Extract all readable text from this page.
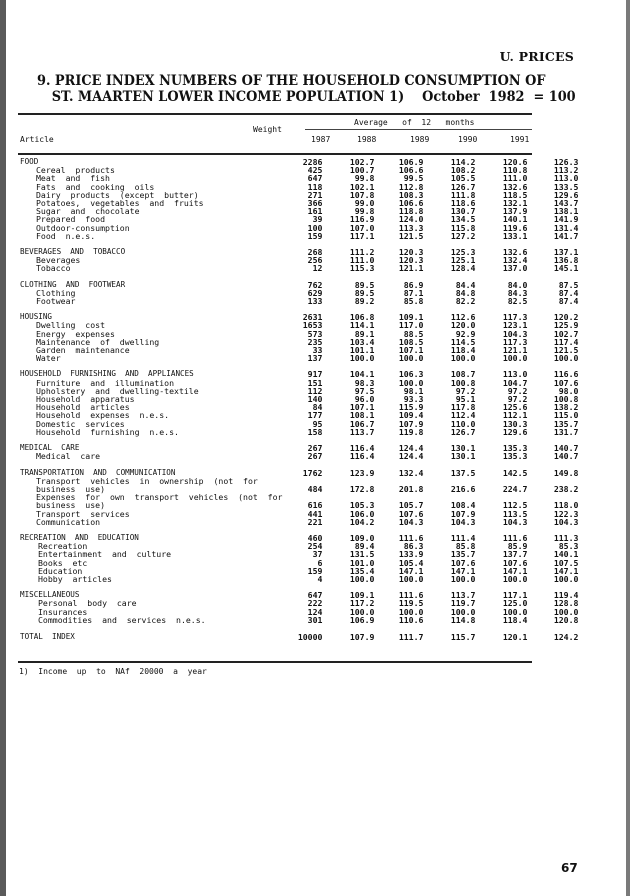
U. PRICES
9. PRICE INDEX NUMBERS OF THE HOUSEHOLD CONSUMPTION OF
ST. MAARTEN LOWER INCOME POPULATION 1)    October  1982  = 100
Article
Weight
Average   of  12   months
1987	1988	1989	1990	1991
FOOD	2286	102.7	106.9	114.2	120.6	126.3
Cereal  products	425	100.7	106.6	108.2	110.8	113.2
Meat  and  fish	647	99.8	99.5	105.5	111.0	113.0
Fats  and  cooking  oils	118	102.1	112.8	126.7	132.6	133.5
Dairy  products  (except  butter)	271	107.8	108.3	111.8	118.5	129.6
Potatoes,  vegetables  and  fruits	366	99.0	106.6	118.6	132.1	143.7
Sugar  and  chocolate	161	99.8	118.8	130.7	137.9	138.1
Prepared  food	39	116.9	124.0	134.5	140.1	141.9
Outdoor-consumption	100	107.0	113.3	115.8	119.6	131.4
Food  n.e.s.	159	117.1	121.5	127.2	133.1	141.7

BEVERAGES  AND  TOBACCO	268	111.2	120.3	125.3	132.6	137.1
Beverages	256	111.0	120.3	125.1	132.4	136.8
Tobacco	12	115.3	121.1	128.4	137.0	145.1

CLOTHING  AND  FOOTWEAR	762	89.5	86.9	84.4	84.0	87.5
Clothing	629	89.5	87.1	84.8	84.3	87.4
Footwear	133	89.2	85.8	82.2	82.5	87.4

HOUSING	2631	106.8	109.1	112.6	117.3	120.2
Dwelling  cost	1653	114.1	117.0	120.0	123.1	125.9
Energy  expenses	573	89.1	88.5	92.9	104.3	102.7
Maintenance  of  dwelling	235	103.4	108.5	114.5	117.3	117.4
Garden  maintenance	33	101.1	107.1	118.4	121.1	121.5
Water	137	100.0	100.0	100.0	100.0	100.0

HOUSEHOLD  FURNISHING  AND  APPLIANCES	917	104.1	106.3	108.7	113.0	116.6
Furniture  and  illumination	151	98.3	100.0	100.8	104.7	107.6
Upholstery  and  dwelling-textile	112	97.5	98.1	97.2	97.2	98.0
Household  apparatus	140	96.0	93.3	95.1	97.2	100.8
Household  articles	84	107.1	115.9	117.8	125.6	138.2
Household  expenses  n.e.s.	177	108.1	109.4	112.4	112.1	115.0
Domestic  services	95	106.7	107.9	110.0	130.3	135.7
Household  furnishing  n.e.s.	158	113.7	119.8	126.7	129.6	131.7

MEDICAL  CARE	267	116.4	124.4	130.1	135.3	140.7
Medical  care	267	116.4	124.4	130.1	135.3	140.7

TRANSPORTATION  AND  COMMUNICATION	1762	123.9	132.4	137.5	142.5	149.8
Transport  vehicles  in  ownership  (not  for						
business  use)	484	172.8	201.8	216.6	224.7	238.2
Expenses  for  own  transport  vehicles  (not  for						
business  use)	616	105.3	105.7	108.4	112.5	118.0
Transport  services	441	106.0	107.6	107.9	113.5	122.3
Communication	221	104.2	104.3	104.3	104.3	104.3

RECREATION  AND  EDUCATION	460	109.0	111.6	111.4	111.6	111.3
Recreation	254	89.4	86.3	85.8	85.9	85.3
Entertainment  and  culture	37	131.5	133.9	135.7	137.7	140.1
Books  etc	6	101.0	105.4	107.6	107.6	107.5
Education	159	135.4	147.1	147.1	147.1	147.1
Hobby  articles	4	100.0	100.0	100.0	100.0	100.0

MISCELLANEOUS	647	109.1	111.6	113.7	117.1	119.4
Personal  body  care	222	117.2	119.5	119.7	125.0	128.8
Insurances	124	100.0	100.0	100.0	100.0	100.0
Commodities  and  services  n.e.s.	301	106.9	110.6	114.8	118.4	120.8

TOTAL  INDEX	10000	107.9	111.7	115.7	120.1	124.2
1)  Income  up  to  NAf  20000  a  year
67
